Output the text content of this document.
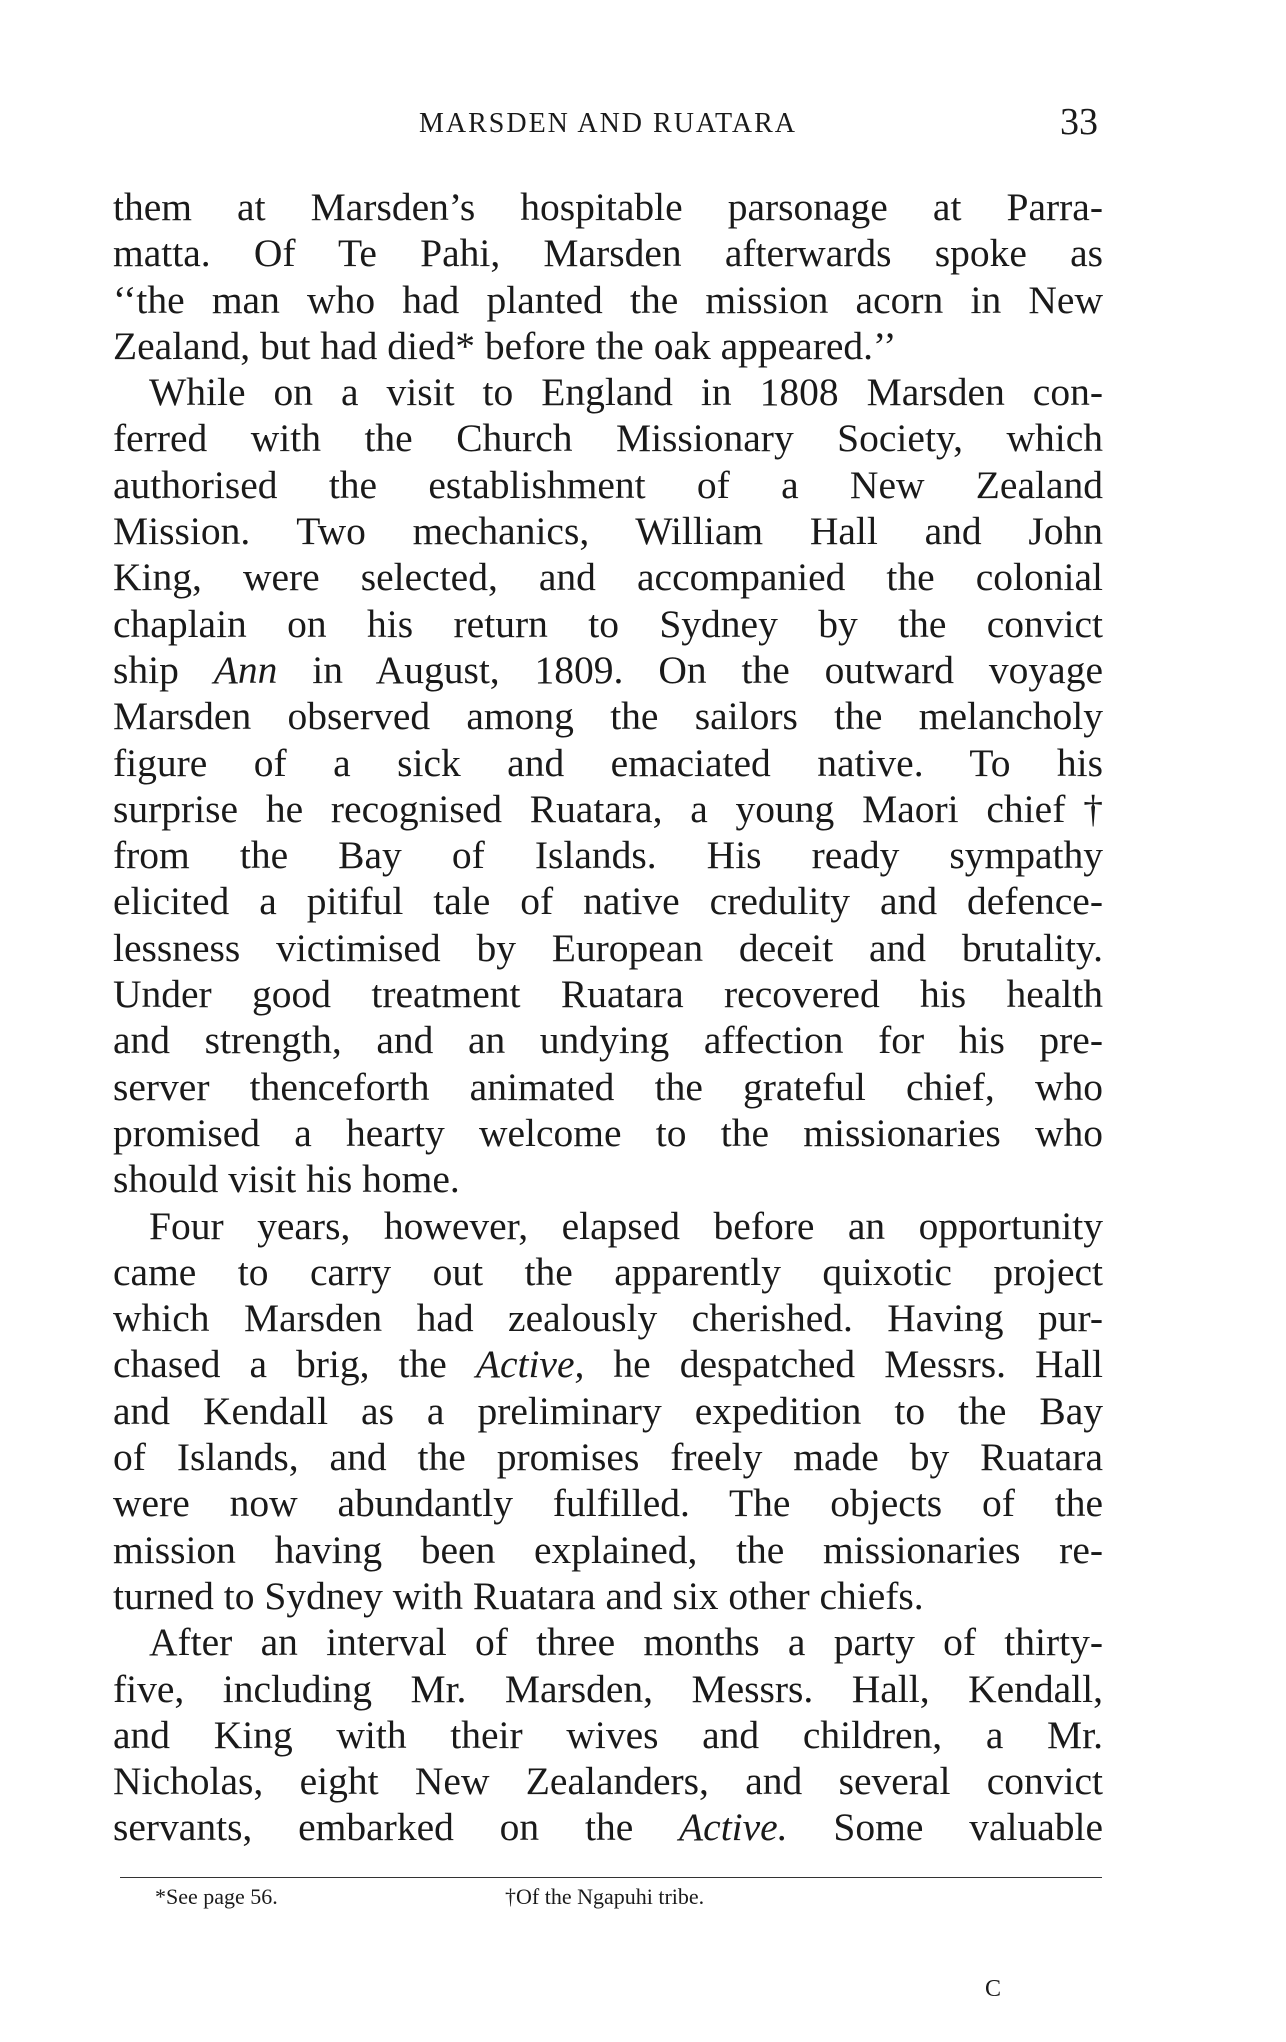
MARSDEN AND RUATARA	33
them at Marsden’s hospitable parsonage at Parra-
matta. Of Te Pahi, Marsden afterwards spoke as
‘‘the man who had planted the mission acorn in New
Zealand, but had died* before the oak appeared.’’
While on a visit to England in 1808 Marsden con-
ferred with the Church Missionary Society, which
authorised the establishment of a New Zealand
Mission. Two mechanics, William Hall and John
King, were selected, and accompanied the colonial
chaplain on his return to Sydney by the convict
ship Ann in August, 1809. On the outward voyage
Marsden observed among the sailors the melancholy
figure of a sick and emaciated native. To his
surprise he recognised Ruatara, a young Maori chief†
from the Bay of Islands. His ready sympathy
elicited a pitiful tale of native credulity and defence-
lessness victimised by European deceit and brutality.
Under good treatment Ruatara recovered his health
and strength, and an undying affection for his pre-
server thenceforth animated the grateful chief, who
promised a hearty welcome to the missionaries who
should visit his home.
Four years, however, elapsed before an opportunity
came to carry out the apparently quixotic project
which Marsden had zealously cherished. Having pur-
chased a brig, the Active, he despatched Messrs. Hall
and Kendall as a preliminary expedition to the Bay
of Islands, and the promises freely made by Ruatara
were now abundantly fulfilled. The objects of the
mission having been explained, the missionaries re-
turned to Sydney with Ruatara and six other chiefs.
After an interval of three months a party of thirty-
five, including Mr. Marsden, Messrs. Hall, Kendall,
and King with their wives and children, a Mr.
Nicholas, eight New Zealanders, and several convict
servants, embarked on the Active. Some valuable
*See page 56.	†Of the Ngapuhi tribe.
C
